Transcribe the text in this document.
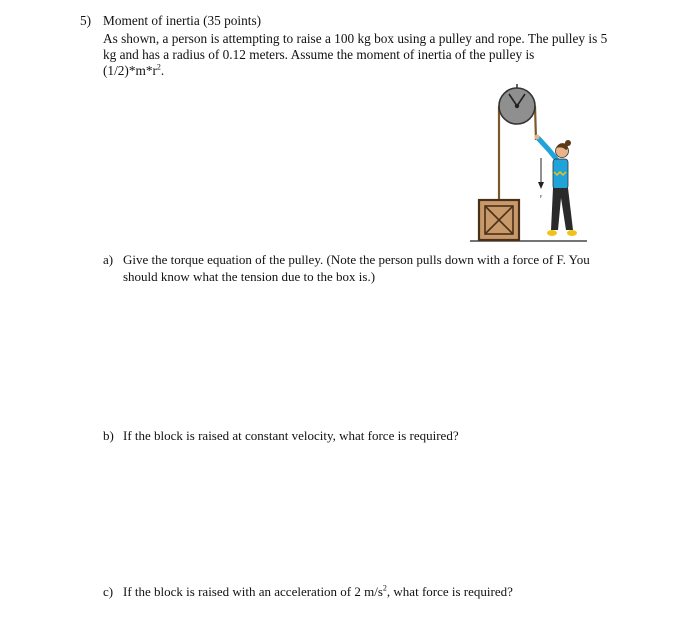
5) Moment of inertia (35 points)
As shown, a person is attempting to raise a 100 kg box using a pulley and rope. The pulley is 5 kg and has a radius of 0.12 meters. Assume the moment of inertia of the pulley is
$(1/2)*m*r^2$.
F
a) Give the torque equation of the pulley. (Note the person pulls down with a force of F. You should know what the tension due to the box is.)
b) If the block is raised at constant velocity, what force is required?
c) If the block is raised with an acceleration of 2 $m/s^2$, what force is required?
